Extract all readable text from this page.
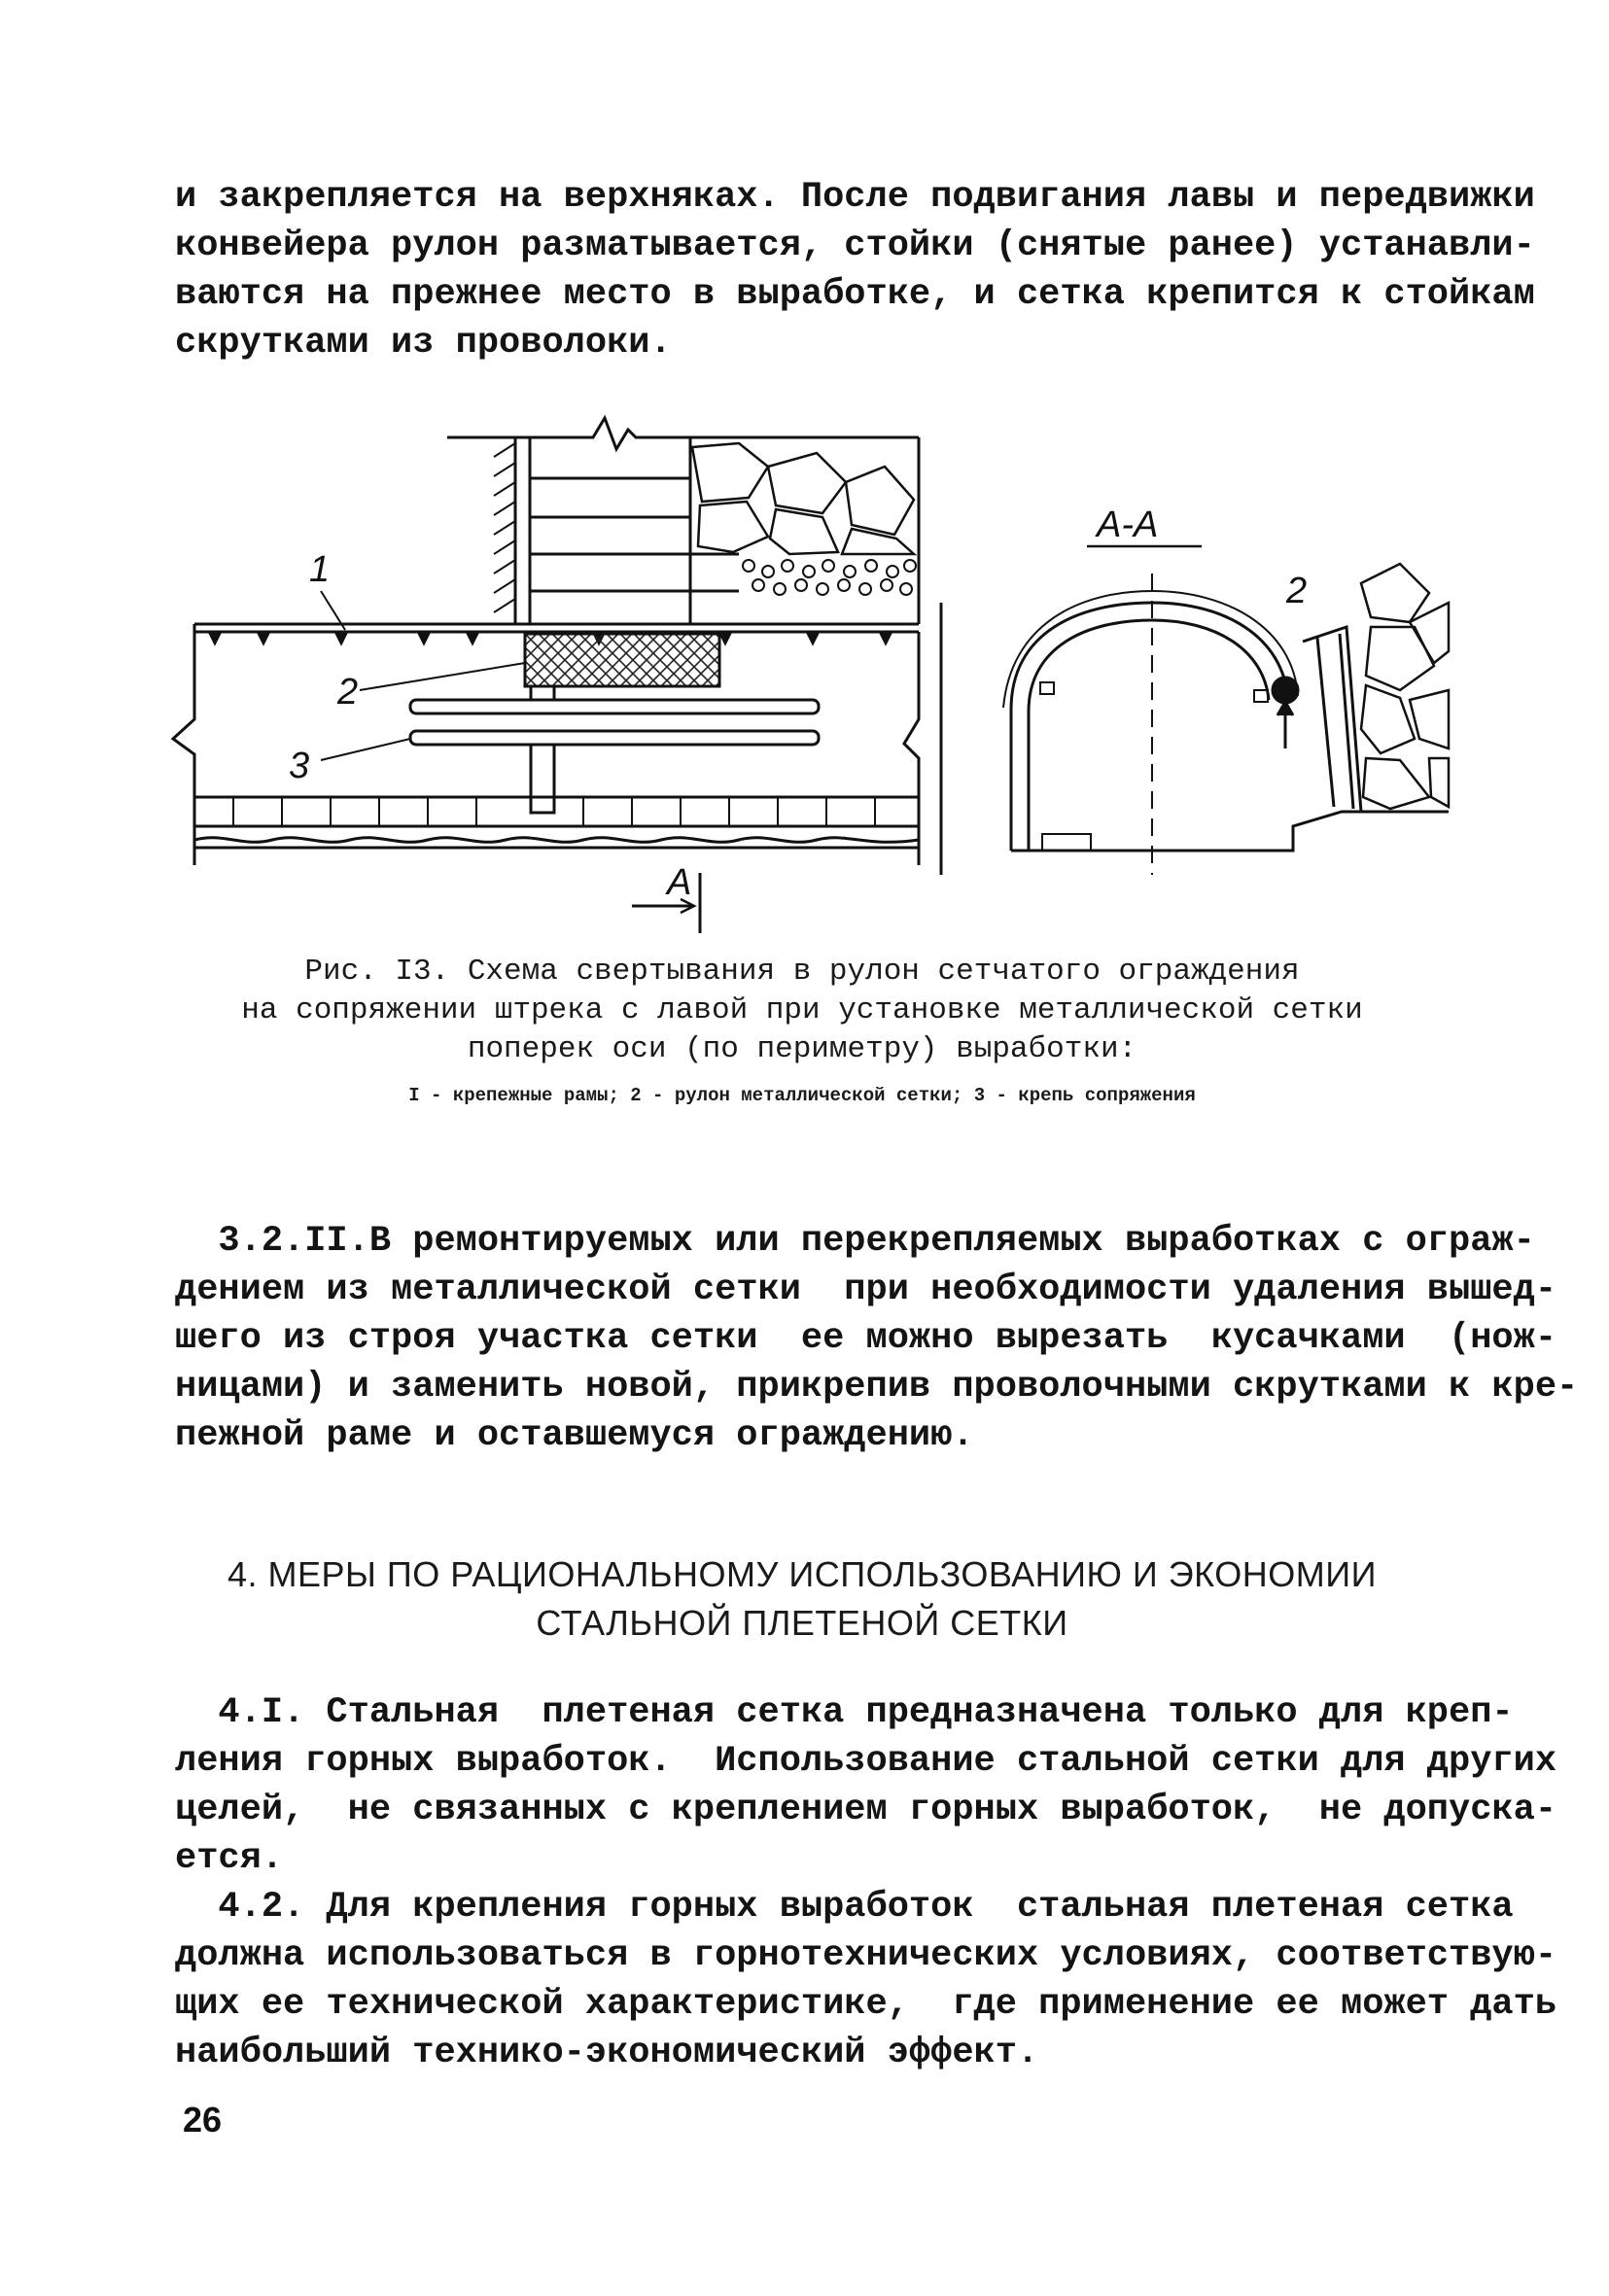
и закрепляется на верхняках. После подвигания лавы и передвижки

конвейера рулон разматывается, стойки (снятые ранее) устанавли-

ваются на прежнее место в выработке, и сетка крепится к стойкам

скрутками из проволоки.

1
2
3
А
А-А
2
Рис. I3. Схема свертывания в рулон сетчатого ограждения
на сопряжении штрека с лавой при установке металлической сетки
поперек оси (по периметру) выработки:
I - крепежные рамы; 2 - рулон металлической сетки; 3 - крепь сопряжения

3.2.II.В ремонтируемых или перекрепляемых выработках с ограж-

дением из металлической сетки  при необходимости удаления вышед-

шего из строя участка сетки  ее можно вырезать  кусачками  (нож-

ницами) и заменить новой, прикрепив проволочными скрутками к кре-

пежной раме и оставшемуся ограждению.

4. МЕРЫ ПО РАЦИОНАЛЬНОМУ ИСПОЛЬЗОВАНИЮ И ЭКОНОМИИ
СТАЛЬНОЙ ПЛЕТЕНОЙ СЕТКИ

4.I. Стальная  плетеная сетка предназначена только для креп-

ления горных выработок.  Использование стальной сетки для других

целей,  не связанных с креплением горных выработок,  не допуска-

ется.

4.2. Для крепления горных выработок  стальная плетеная сетка

должна использоваться в горнотехнических условиях, соответствую-

щих ее технической характеристике,  где применение ее может дать

наибольший технико-экономический эффект.

26
